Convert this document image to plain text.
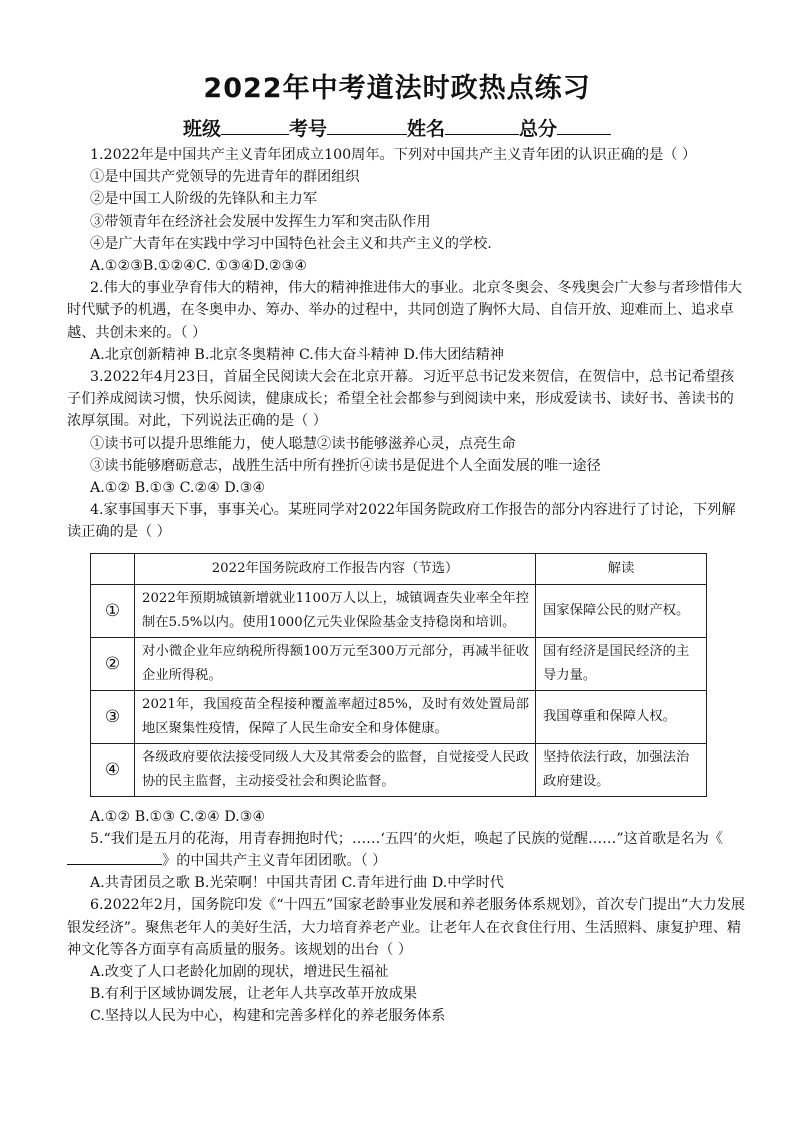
2022年中考道法时政热点练习
班级	考号	姓名	总分

1.2022年是中国共产主义青年团成立100周年。下列对中国共产主义青年团的认识正确的是（ ）

①是中国共产党领导的先进青年的群团组织

②是中国工人阶级的先锋队和主力军

③带领青年在经济社会发展中发挥生力军和突击队作用

④是广大青年在实践中学习中国特色社会主义和共产主义的学校.

A.①②③B.①②④C. ①③④D.②③④

2.伟大的事业孕育伟大的精神，伟大的精神推进伟大的事业。北京冬奥会、冬残奥会广大参与者珍惜伟大时代赋予的机遇，在冬奥申办、筹办、举办的过程中，共同创造了胸怀大局、自信开放、迎难而上、追求卓越、共创未来的。（ ）

A.北京创新精神 B.北京冬奥精神 C.伟大奋斗精神 D.伟大团结精神

3.2022年4月23日，首届全民阅读大会在北京开幕。习近平总书记发来贺信，在贺信中，总书记希望孩子们养成阅读习惯，快乐阅读，健康成长；希望全社会都参与到阅读中来，形成爱读书、读好书、善读书的浓厚氛围。对此，下列说法正确的是（ ）

①读书可以提升思维能力，使人聪慧②读书能够滋养心灵，点亮生命

③读书能够磨砺意志，战胜生活中所有挫折④读书是促进个人全面发展的唯一途径

A.①② B.①③ C.②④ D.③④

4.家事国事天下事，事事关心。某班同学对2022年国务院政府工作报告的部分内容进行了讨论，下列解读正确的是（ ）

	2022年国务院政府工作报告内容（节选）	解读
①	2022年预期城镇新增就业1100万人以上，城镇调查失业率全年控制在5.5%以内。使用1000亿元失业保险基金支持稳岗和培训。	国家保障公民的财产权。
②	对小微企业年应纳税所得额100万元至300万元部分，再减半征收企业所得税。	国有经济是国民经济的主导力量。
③	2021年，我国疫苗全程接种覆盖率超过85%，及时有效处置局部地区聚集性疫情，保障了人民生命安全和身体健康。	我国尊重和保障人权。
④	各级政府要依法接受同级人大及其常委会的监督，自觉接受人民政协的民主监督，主动接受社会和舆论监督。	坚持依法行政，加强法治政府建设。

A.①② B.①③ C.②④ D.③④

5.“我们是五月的花海，用青春拥抱时代；……‘五四’的火炬，唤起了民族的觉醒……”这首歌是名为《》的中国共产主义青年团团歌。（ ）

A.共青团员之歌 B.光荣啊！中国共青团 C.青年进行曲 D.中学时代

6.2022年2月，国务院印发《“十四五”国家老龄事业发展和养老服务体系规划》，首次专门提出“大力发展银发经济”。聚焦老年人的美好生活，大力培育养老产业。让老年人在衣食住行用、生活照料、康复护理、精神文化等各方面享有高质量的服务。该规划的出台（ ）

A.改变了人口老龄化加剧的现状，增进民生福祉

B.有利于区域协调发展，让老年人共享改革开放成果

C.坚持以人民为中心，构建和完善多样化的养老服务体系
